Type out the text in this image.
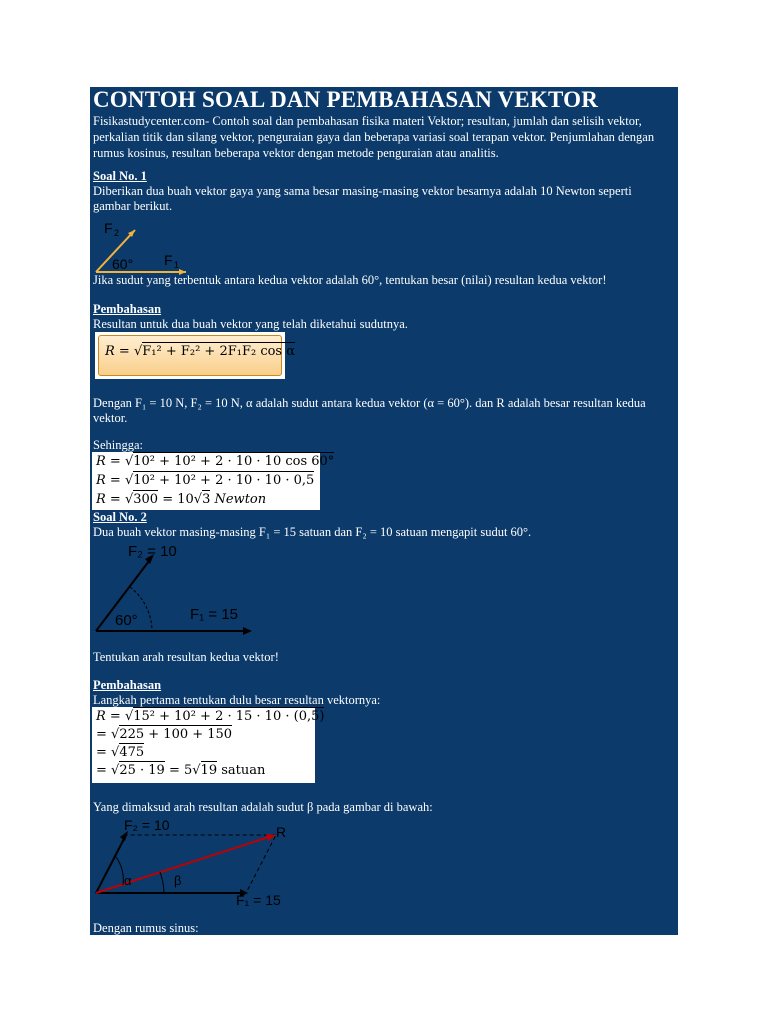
CONTOH SOAL DAN PEMBAHASAN VEKTOR
Fisikastudycenter.com- Contoh soal dan pembahasan fisika materi Vektor; resultan, jumlah dan selisih vektor,
perkalian titik dan silang vektor, penguraian gaya dan beberapa variasi soal terapan vektor. Penjumlahan dengan
rumus kosinus, resultan beberapa vektor dengan metode penguraian atau analitis.
Soal No. 1
Diberikan dua buah vektor gaya yang sama besar masing-masing vektor besarnya adalah 10 Newton seperti
gambar berikut.
F 2
F 1
60°
Jika sudut yang terbentuk antara kedua vektor adalah 60°, tentukan besar (nilai) resultan kedua vektor!
Pembahasan
Resultan untuk dua buah vektor yang telah diketahui sudutnya.
R = √F₁² + F₂² + 2F₁F₂ cos α
Dengan F₁ = 10 N, F₂ = 10 N, α adalah sudut antara kedua vektor (α = 60°). dan R adalah besar resultan kedua
vektor.
Sehingga:
R = √10² + 10² + 2 · 10 · 10 cos 60°
R = √10² + 10² + 2 · 10 · 10 · 0,5
R = √300 = 10√3 Newton
Soal No. 2
Dua buah vektor masing-masing F₁ = 15 satuan dan F₂ = 10 satuan mengapit sudut 60°.
F₂ = 10
F₁ = 15
60°
Tentukan arah resultan kedua vektor!
Pembahasan
Langkah pertama tentukan dulu besar resultan vektornya:
R = √15² + 10² + 2 · 15 · 10 · (0,5)
= √225 + 100 + 150
= √475
= √25 · 19 = 5√19 satuan
Yang dimaksud arah resultan adalah sudut β pada gambar di bawah:
F₂ = 10	R
α	β
F₁ = 15
Dengan rumus sinus:
